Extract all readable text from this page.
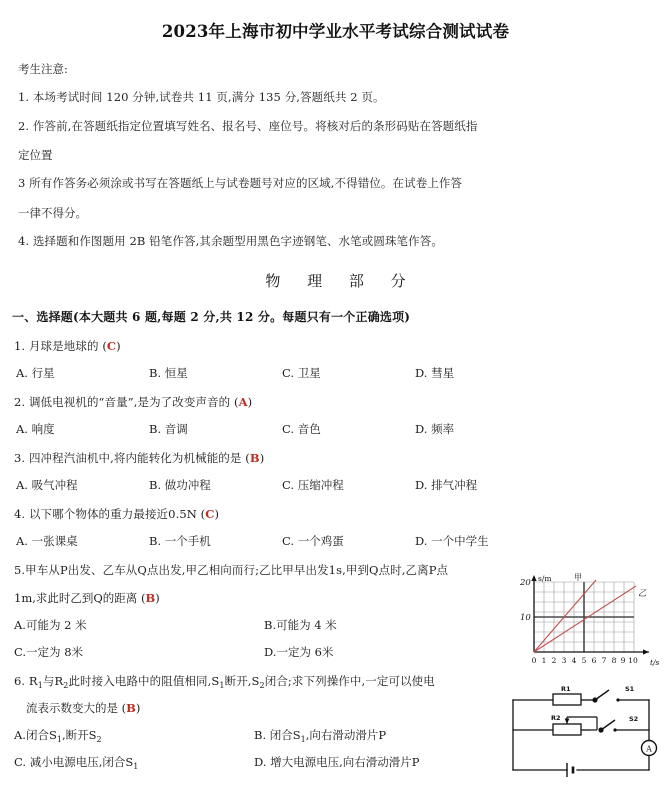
2023年上海市初中学业水平考试综合测试试卷
考生注意:
1. 本场考试时间 120 分钟,试卷共 11 页,满分 135 分,答题纸共 2 页。
2. 作答前,在答题纸指定位置填写姓名、报名号、座位号。将核对后的条形码贴在答题纸指
定位置
3 所有作答务必须涂或书写在答题纸上与试卷题号对应的区域,不得错位。在试卷上作答
一律不得分。
4. 选择题和作图题用 2B 铅笔作答,其余题型用黑色字迹钢笔、水笔或圆珠笔作答。
物 理 部 分
一、选择题(本大题共 6 题,每题 2 分,共 12 分。每题只有一个正确选项)
1. 月球是地球的 (C)
A. 行星	B. 恒星	C. 卫星	D. 彗星
2. 调低电视机的“音量”,是为了改变声音的 (A)
A. 响度	B. 音调	C. 音色	D. 频率
3. 四冲程汽油机中,将内能转化为机械能的是 (B)
A. 吸气冲程	B. 做功冲程	C. 压缩冲程	D. 排气冲程
4. 以下哪个物体的重力最接近0.5N (C)
A. 一张课桌	B. 一个手机	C. 一个鸡蛋	D. 一个中学生
5.甲车从P出发、乙车从Q点出发,甲乙相向而行;乙比甲早出发1s,甲到Q点时,乙离P点
1m,求此时乙到Q的距离 (B)
A.可能为 2 米	B.可能为 4 米
C.一定为 8米	D.一定为 6米
s/m
t/s
20
10
甲
乙
0 1 2 3 4 5 6 7 8 9 10
6. $R_1$与$R_2$此时接入电路中的阻值相同$,S_1$断开$,S_2$闭合;求下列操作中,一定可以使电
流表示数变大的是 (B)
A.闭合$S_1$,断开$S_2$	B. 闭合$S_1$,向右滑动滑片P
C. 减小电源电压,闭合$S_1$	D. 增大电源电压,向右滑动滑片P
R1
R2
S1
S2
A
